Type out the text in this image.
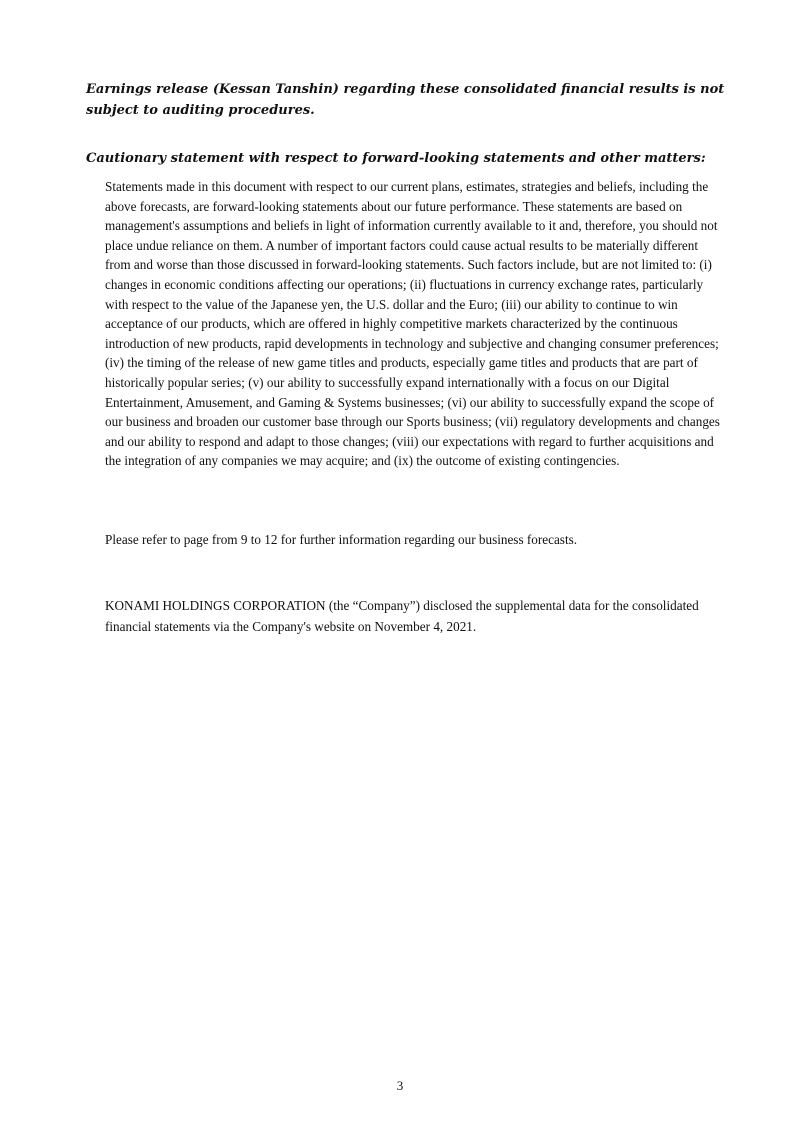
Earnings release (Kessan Tanshin) regarding these consolidated financial results is not subject to auditing procedures.

Cautionary statement with respect to forward-looking statements and other matters:

Statements made in this document with respect to our current plans, estimates, strategies and beliefs, including the above forecasts, are forward-looking statements about our future performance. These statements are based on management's assumptions and beliefs in light of information currently available to it and, therefore, you should not place undue reliance on them. A number of important factors could cause actual results to be materially different from and worse than those discussed in forward-looking statements. Such factors include, but are not limited to: (i) changes in economic conditions affecting our operations; (ii) fluctuations in currency exchange rates, particularly with respect to the value of the Japanese yen, the U.S. dollar and the Euro; (iii) our ability to continue to win acceptance of our products, which are offered in highly competitive markets characterized by the continuous introduction of new products, rapid developments in technology and subjective and changing consumer preferences; (iv) the timing of the release of new game titles and products, especially game titles and products that are part of historically popular series; (v) our ability to successfully expand internationally with a focus on our Digital Entertainment, Amusement, and Gaming & Systems businesses; (vi) our ability to successfully expand the scope of our business and broaden our customer base through our Sports business; (vii) regulatory developments and changes and our ability to respond and adapt to those changes; (viii) our expectations with regard to further acquisitions and the integration of any companies we may acquire; and (ix) the outcome of existing contingencies.

Please refer to page from 9 to 12 for further information regarding our business forecasts.

KONAMI HOLDINGS CORPORATION (the “Company”) disclosed the supplemental data for the consolidated financial statements via the Company's website on November 4, 2021.

3
